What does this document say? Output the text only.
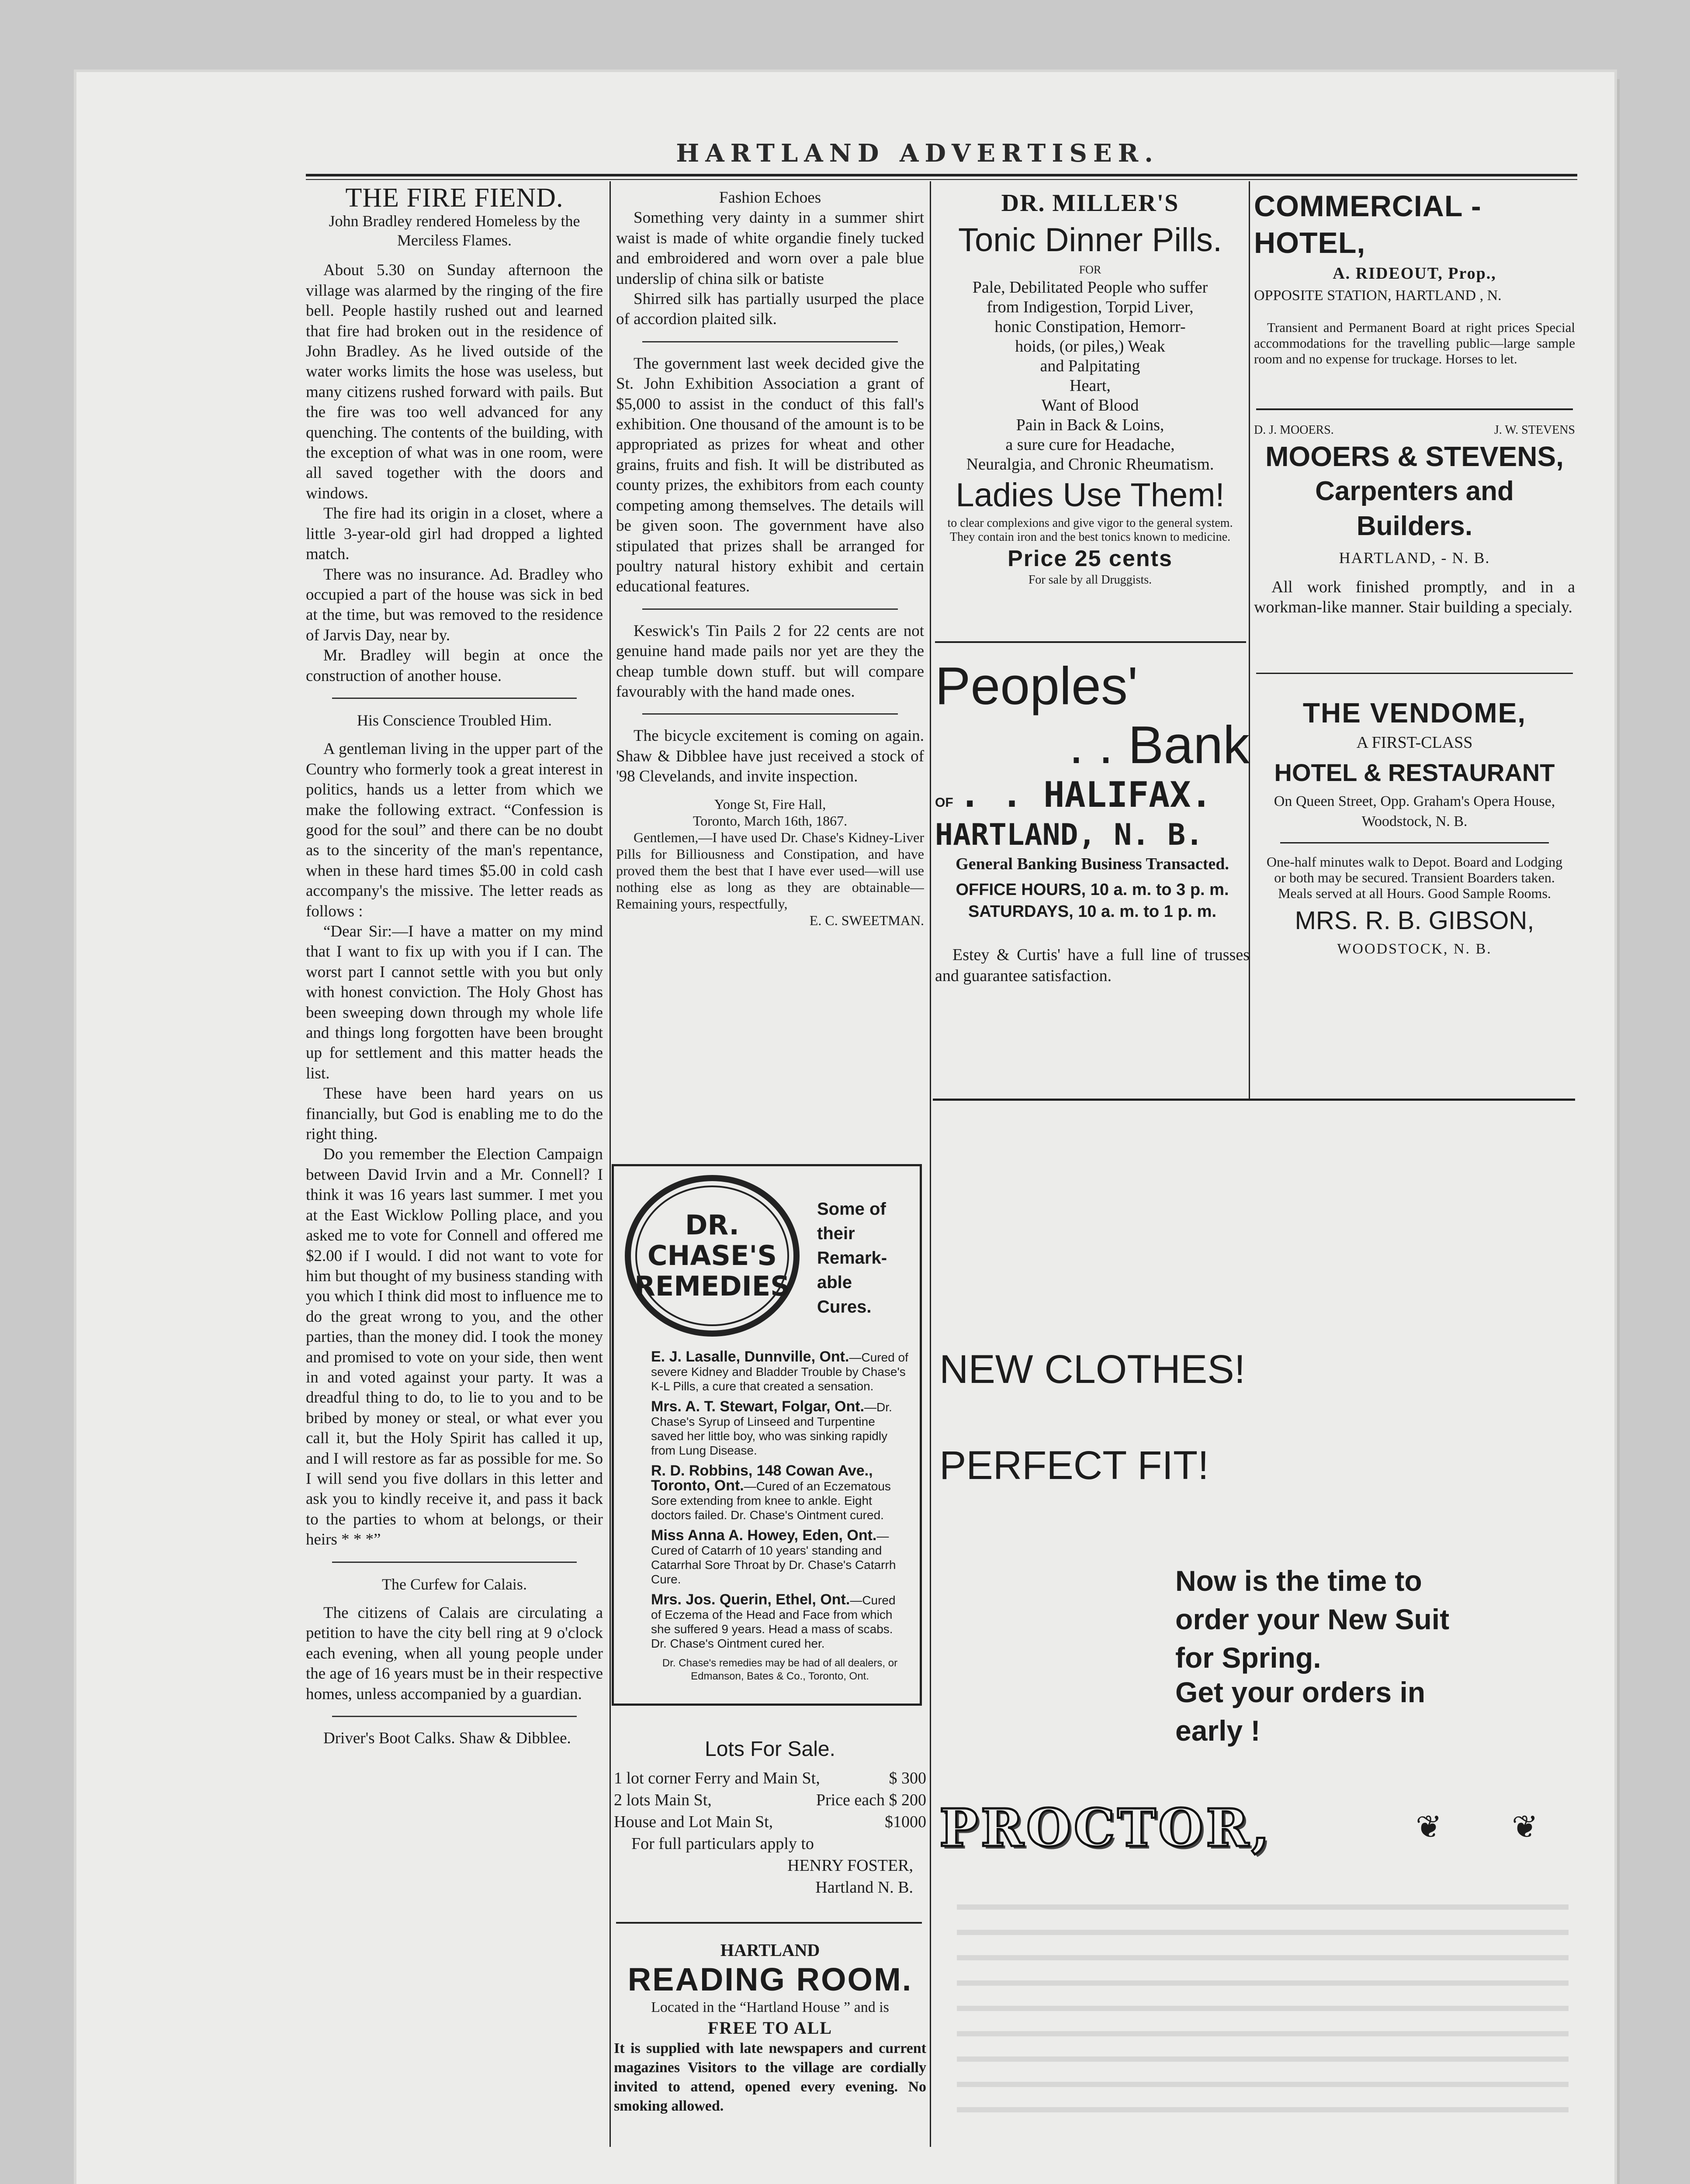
HARTLAND ADVERTISER.
THE FIRE FIEND.
John Bradley rendered Homeless by the Merciless Flames.

About 5.30 on Sunday afternoon the village was alarmed by the ringing of the fire bell. People hastily rushed out and learned that fire had broken out in the residence of John Bradley. As he lived outside of the water works limits the hose was useless, but many citizens rushed forward with pails. But the fire was too well advanced for any quenching. The contents of the building, with the exception of what was in one room, were all saved together with the doors and windows.

The fire had its origin in a closet, where a little 3-year-old girl had dropped a lighted match.

There was no insurance. Ad. Bradley who occupied a part of the house was sick in bed at the time, but was removed to the residence of Jarvis Day, near by.

Mr. Bradley will begin at once the construction of another house.

His Conscience Troubled Him.

A gentleman living in the upper part of the Country who formerly took a great interest in politics, hands us a letter from which we make the following extract. “Confession is good for the soul” and there can be no doubt as to the sincerity of the man's repentance, when in these hard times $5.00 in cold cash accompany's the missive. The letter reads as follows :

“Dear Sir:—I have a matter on my mind that I want to fix up with you if I can. The worst part I cannot settle with you but only with honest conviction. The Holy Ghost has been sweeping down through my whole life and things long forgotten have been brought up for settlement and this matter heads the list.

These have been hard years on us financially, but God is enabling me to do the right thing.

Do you remember the Election Campaign between David Irvin and a Mr. Connell? I think it was 16 years last summer. I met you at the East Wicklow Polling place, and you asked me to vote for Connell and offered me $2.00 if I would. I did not want to vote for him but thought of my business standing with you which I think did most to influence me to do the great wrong to you, and the other parties, than the money did. I took the money and promised to vote on your side, then went in and voted against your party. It was a dreadful thing to do, to lie to you and to be bribed by money or steal, or what ever you call it, but the Holy Spirit has called it up, and I will restore as far as possible for me. So I will send you five dollars in this letter and ask you to kindly receive it, and pass it back to the parties to whom at belongs, or their heirs * * *”

The Curfew for Calais.

The citizens of Calais are circulating a petition to have the city bell ring at 9 o'clock each evening, when all young people under the age of 16 years must be in their respective homes, unless accompanied by a guardian.

Driver's Boot Calks. Shaw & Dibblee.

Fashion Echoes

Something very dainty in a summer shirt waist is made of white organdie finely tucked and embroidered and worn over a pale blue underslip of china silk or batiste

Shirred silk has partially usurped the place of accordion plaited silk.

The government last week decided give the St. John Exhibition Association a grant of $5,000 to assist in the conduct of this fall's exhibition. One thousand of the amount is to be appropriated as prizes for wheat and other grains, fruits and fish. It will be distributed as county prizes, the exhibitors from each county competing among themselves. The details will be given soon. The government have also stipulated that prizes shall be arranged for poultry natural history exhibit and certain educational features.

Keswick's Tin Pails 2 for 22 cents are not genuine hand made pails nor yet are they the cheap tumble down stuff. but will compare favourably with the hand made ones.

The bicycle excitement is coming on again. Shaw & Dibblee have just received a stock of '98 Clevelands, and invite inspection.

Yonge St, Fire Hall,
Toronto, March 16th, 1867.

Gentlemen,—I have used Dr. Chase's Kidney-Liver Pills for Billiousness and Constipation, and have proved them the best that I have ever used—will use nothing else as long as they are obtainable—Remaining yours, respectfully,

E. C. SWEETMAN.
DR.
CHASE'S
REMEDIES
Some of
their
Remark-
able
Cures.
E. J. Lasalle, Dunnville, Ont.—Cured of severe Kidney and Bladder Trouble by Chase's K-L Pills, a cure that created a sensation.
Mrs. A. T. Stewart, Folgar, Ont.—Dr. Chase's Syrup of Linseed and Turpentine saved her little boy, who was sinking rapidly from Lung Disease.
R. D. Robbins, 148 Cowan Ave., Toronto, Ont.—Cured of an Eczematous Sore extending from knee to ankle. Eight doctors failed. Dr. Chase's Ointment cured.
Miss Anna A. Howey, Eden, Ont.—Cured of Catarrh of 10 years' standing and Catarrhal Sore Throat by Dr. Chase's Catarrh Cure.
Mrs. Jos. Querin, Ethel, Ont.—Cured of Eczema of the Head and Face from which she suffered 9 years. Head a mass of scabs. Dr. Chase's Ointment cured her.
Dr. Chase's remedies may be had of all dealers, or Edmanson, Bates & Co., Toronto, Ont.
Lots For Sale.
1 lot corner Ferry and Main St,	$ 300
2 lots Main St,	Price each $ 200
House and Lot Main St,	$1000
For full particulars apply to
HENRY FOSTER,
Hartland N. B.
HARTLAND
READING ROOM.
Located in the “Hartland House ” and is
FREE TO ALL
It is supplied with late newspapers and current magazines Visitors to the village are cordially invited to attend, opened every evening. No smoking allowed.
DR. MILLER'S
Tonic Dinner Pills.
FOR
Pale, Debilitated People who suffer
from Indigestion, Torpid Liver,
honic Constipation, Hemorr-
hoids, (or piles,) Weak
and Palpitating
Heart,
Want of Blood
Pain in Back & Loins,
a sure cure for Headache,
Neuralgia, and Chronic Rheumatism.
Ladies Use Them!
to clear complexions and give vigor to the general system.
They contain iron and the best tonics known to medicine.
Price 25 cents
For sale by all Druggists.
Peoples'
. . Bank
OF . . HALIFAX.
HARTLAND, N. B.
General Banking Business Transacted.
OFFICE HOURS, 10 a. m. to 3 p. m.
SATURDAYS, 10 a. m. to 1 p. m.
Estey & Curtis' have a full line of trusses and guarantee satisfaction.
COMMERCIAL - HOTEL,
A. RIDEOUT, Prop.,
OPPOSITE STATION, HARTLAND , N.
Transient and Permanent Board at right prices Special accommodations for the travelling public—large sample room and no expense for truckage. Horses to let.
D. J. MOOERS.	J. W. STEVENS
MOOERS & STEVENS,
Carpenters and Builders.
HARTLAND, - N. B.
All work finished promptly, and in a workman-like manner. Stair building a specialy.
THE VENDOME,
A FIRST-CLASS
HOTEL & RESTAURANT
On Queen Street, Opp. Graham's Opera House, Woodstock, N. B.
One-half minutes walk to Depot. Board and Lodging or both may be secured. Transient Boarders taken. Meals served at all Hours. Good Sample Rooms.
MRS. R. B. GIBSON,
WOODSTOCK, N. B.
NEW CLOTHES!
PERFECT FIT!
Now is the time to
order your New Suit
for Spring.
Get your orders in
early !
PROCTOR,	❦ ❦
